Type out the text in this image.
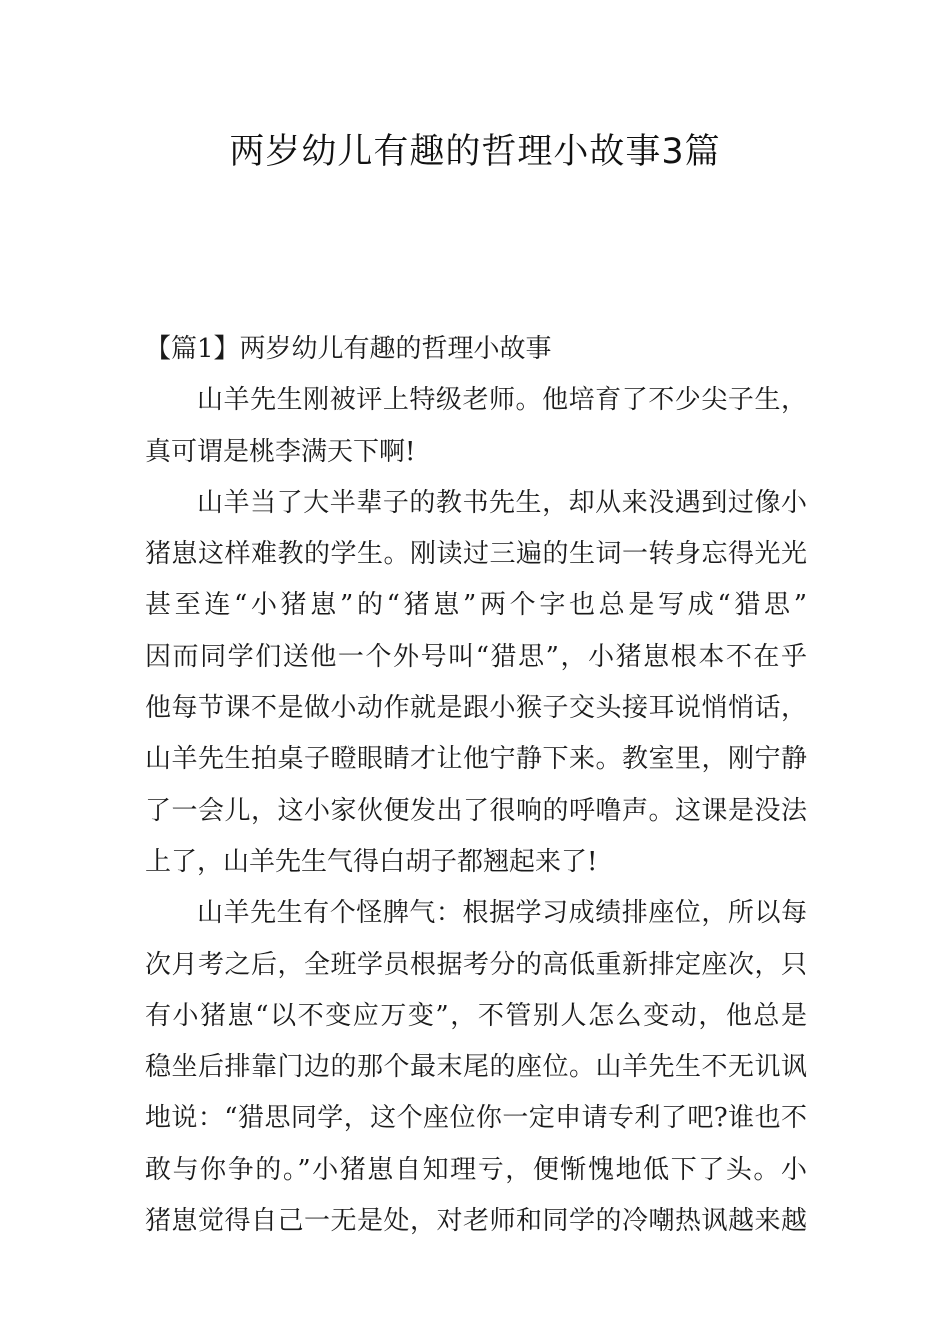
两岁幼儿有趣的哲理小故事3篇
【篇1】两岁幼儿有趣的哲理小故事
山羊先生刚被评上特级老师。他培育了不少尖子生，
真可谓是桃李满天下啊!
山羊当了大半辈子的教书先生，却从来没遇到过像小
猪崽这样难教的学生。刚读过三遍的生词一转身忘得光光
甚至连“小猪崽”的“猪崽”两个字也总是写成“猎思”
因而同学们送他一个外号叫“猎思”，小猪崽根本不在乎
他每节课不是做小动作就是跟小猴子交头接耳说悄悄话，
山羊先生拍桌子瞪眼睛才让他宁静下来。教室里，刚宁静
了一会儿，这小家伙便发出了很响的呼噜声。这课是没法
上了，山羊先生气得白胡子都翘起来了!
山羊先生有个怪脾气：根据学习成绩排座位，所以每
次月考之后，全班学员根据考分的高低重新排定座次，只
有小猪崽“以不变应万变”，不管别人怎么变动，他总是
稳坐后排靠门边的那个最末尾的座位。山羊先生不无讥讽
地说：“猎思同学，这个座位你一定申请专利了吧?谁也不
敢与你争的。”小猪崽自知理亏，便惭愧地低下了头。小
猪崽觉得自己一无是处，对老师和同学的冷嘲热讽越来越
